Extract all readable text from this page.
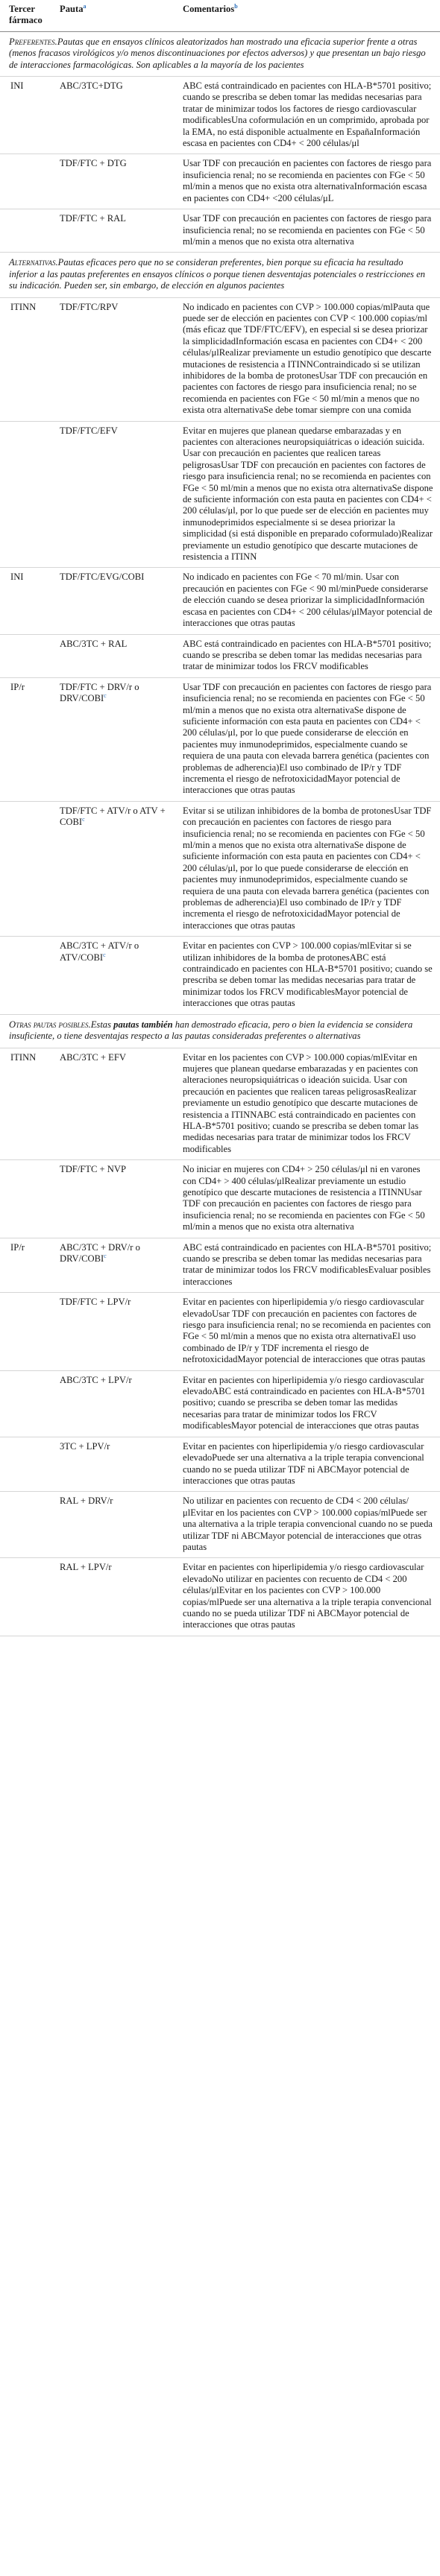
Tercer fármaco	Pauta$^a$	Comentarios$^b$
Preferentes.Pautas que en ensayos clínicos aleatorizados han mostrado una eficacia superior frente a otras (menos fracasos virológicos y/o menos discontinuaciones por efectos adversos) y que presentan un bajo riesgo de interacciones farmacológicas. Son aplicables a la mayoría de los pacientes		
INI	ABC/3TC+DTG	ABC está contraindicado en pacientes con HLA-B*5701 positivo; cuando se prescriba se deben tomar las medidas necesarias para tratar de minimizar todos los factores de riesgo cardiovascular modificablesUna coformulación en un comprimido, aprobada por la EMA, no está disponible actualmente en EspañaInformación escasa en pacientes con CD4+ < 200 células/μl
	TDF/FTC + DTG	Usar TDF con precaución en pacientes con factores de riesgo para insuficiencia renal; no se recomienda en pacientes con FGe < 50 ml/min a menos que no exista otra alternativaInformación escasa en pacientes con CD4+ <200 células/μL
	TDF/FTC + RAL	Usar TDF con precaución en pacientes con factores de riesgo para insuficiencia renal; no se recomienda en pacientes con FGe < 50 ml/min a menos que no exista otra alternativa
Alternativas.Pautas eficaces pero que no se consideran preferentes, bien porque su eficacia ha resultado inferior a las pautas preferentes en ensayos clínicos o porque tienen desventajas potenciales o restricciones en su indicación. Pueden ser, sin embargo, de elección en algunos pacientes		
ITINN	TDF/FTC/RPV	No indicado en pacientes con CVP > 100.000 copias/mlPauta que puede ser de elección en pacientes con CVP < 100.000 copias/ml (más eficaz que TDF/FTC/EFV), en especial si se desea priorizar la simplicidadInformación escasa en pacientes con CD4+ < 200 células/μlRealizar previamente un estudio genotípico que descarte mutaciones de resistencia a ITINNContraindicado si se utilizan inhibidores de la bomba de protonesUsar TDF con precaución en pacientes con factores de riesgo para insuficiencia renal; no se recomienda en pacientes con FGe < 50 ml/min a menos que no exista otra alternativaSe debe tomar siempre con una comida
	TDF/FTC/EFV	Evitar en mujeres que planean quedarse embarazadas y en pacientes con alteraciones neuropsiquiátricas o ideación suicida. Usar con precaución en pacientes que realicen tareas peligrosasUsar TDF con precaución en pacientes con factores de riesgo para insuficiencia renal; no se recomienda en pacientes con FGe < 50 ml/min a menos que no exista otra alternativaSe dispone de suficiente información con esta pauta en pacientes con CD4+ < 200 células/μl, por lo que puede ser de elección en pacientes muy inmunodeprimidos especialmente si se desea priorizar la simplicidad (si está disponible en preparado coformulado)Realizar previamente un estudio genotípico que descarte mutaciones de resistencia a ITINN
INI	TDF/FTC/EVG/COBI	No indicado en pacientes con FGe < 70 ml/min. Usar con precaución en pacientes con FGe < 90 ml/minPuede considerarse de elección cuando se desea priorizar la simplicidadInformación escasa en pacientes con CD4+ < 200 células/μlMayor potencial de interacciones que otras pautas
	ABC/3TC + RAL	ABC está contraindicado en pacientes con HLA-B*5701 positivo; cuando se prescriba se deben tomar las medidas necesarias para tratar de minimizar todos los FRCV modificables
IP/r	TDF/FTC + DRV/r o DRV/COBI$^c$	Usar TDF con precaución en pacientes con factores de riesgo para insuficiencia renal; no se recomienda en pacientes con FGe < 50 ml/min a menos que no exista otra alternativaSe dispone de suficiente información con esta pauta en pacientes con CD4+ < 200 células/μl, por lo que puede considerarse de elección en pacientes muy inmunodeprimidos, especialmente cuando se requiera de una pauta con elevada barrera genética (pacientes con problemas de adherencia)El uso combinado de IP/r y TDF incrementa el riesgo de nefrotoxicidadMayor potencial de interacciones que otras pautas
	TDF/FTC + ATV/r o ATV + $COBI^c$	Evitar si se utilizan inhibidores de la bomba de protonesUsar TDF con precaución en pacientes con factores de riesgo para insuficiencia renal; no se recomienda en pacientes con FGe < 50 ml/min a menos que no exista otra alternativaSe dispone de suficiente información con esta pauta en pacientes con CD4+ < 200 células/μl, por lo que puede considerarse de elección en pacientes muy inmunodeprimidos, especialmente cuando se requiera de una pauta con elevada barrera genética (pacientes con problemas de adherencia)El uso combinado de IP/r y TDF incrementa el riesgo de nefrotoxicidadMayor potencial de interacciones que otras pautas
	ABC/3TC + ATV/r o ATV/COBI$^c$	Evitar en pacientes con CVP > 100.000 copias/mlEvitar si se utilizan inhibidores de la bomba de protonesABC está contraindicado en pacientes con HLA-B*5701 positivo; cuando se prescriba se deben tomar las medidas necesarias para tratar de minimizar todos los FRCV modificablesMayor potencial de interacciones que otras pautas
Otras pautas posibles.Estas pautas también han demostrado eficacia, pero o bien la evidencia se considera insuficiente, o tiene desventajas respecto a las pautas consideradas preferentes o alternativas		
ITINN	ABC/3TC + EFV	Evitar en los pacientes con CVP > 100.000 copias/mlEvitar en mujeres que planean quedarse embarazadas y en pacientes con alteraciones neuropsiquiátricas o ideación suicida. Usar con precaución en pacientes que realicen tareas peligrosasRealizar previamente un estudio genotípico que descarte mutaciones de resistencia a ITINNABC está contraindicado en pacientes con HLA-B*5701 positivo; cuando se prescriba se deben tomar las medidas necesarias para tratar de minimizar todos los FRCV modificables
	TDF/FTC + NVP	No iniciar en mujeres con CD4+ > 250 células/μl ni en varones con CD4+ > 400 células/μlRealizar previamente un estudio genotípico que descarte mutaciones de resistencia a ITINNUsar TDF con precaución en pacientes con factores de riesgo para insuficiencia renal; no se recomienda en pacientes con FGe < 50 ml/min a menos que no exista otra alternativa
IP/r	ABC/3TC + DRV/r o DRV/COBI$^c$	ABC está contraindicado en pacientes con HLA-B*5701 positivo; cuando se prescriba se deben tomar las medidas necesarias para tratar de minimizar todos los FRCV modificablesEvaluar posibles interacciones
	TDF/FTC + LPV/r	Evitar en pacientes con hiperlipidemia y/o riesgo cardiovascular elevadoUsar TDF con precaución en pacientes con factores de riesgo para insuficiencia renal; no se recomienda en pacientes con FGe < 50 ml/min a menos que no exista otra alternativaEl uso combinado de IP/r y TDF incrementa el riesgo de nefrotoxicidadMayor potencial de interacciones que otras pautas
	ABC/3TC + LPV/r	Evitar en pacientes con hiperlipidemia y/o riesgo cardiovascular elevadoABC está contraindicado en pacientes con HLA-B*5701 positivo; cuando se prescriba se deben tomar las medidas necesarias para tratar de minimizar todos los FRCV modificablesMayor potencial de interacciones que otras pautas
	3TC + LPV/r	Evitar en pacientes con hiperlipidemia y/o riesgo cardiovascular elevadoPuede ser una alternativa a la triple terapia convencional cuando no se pueda utilizar TDF ni ABCMayor potencial de interacciones que otras pautas
	RAL + DRV/r	No utilizar en pacientes con recuento de CD4 < 200 células/μlEvitar en los pacientes con CVP > 100.000 copias/mlPuede ser una alternativa a la triple terapia convencional cuando no se pueda utilizar TDF ni ABCMayor potencial de interacciones que otras pautas
	RAL + LPV/r	Evitar en pacientes con hiperlipidemia y/o riesgo cardiovascular elevadoNo utilizar en pacientes con recuento de CD4 < 200 células/μlEvitar en los pacientes con CVP > 100.000 copias/mlPuede ser una alternativa a la triple terapia convencional cuando no se pueda utilizar TDF ni ABCMayor potencial de interacciones que otras pautas
